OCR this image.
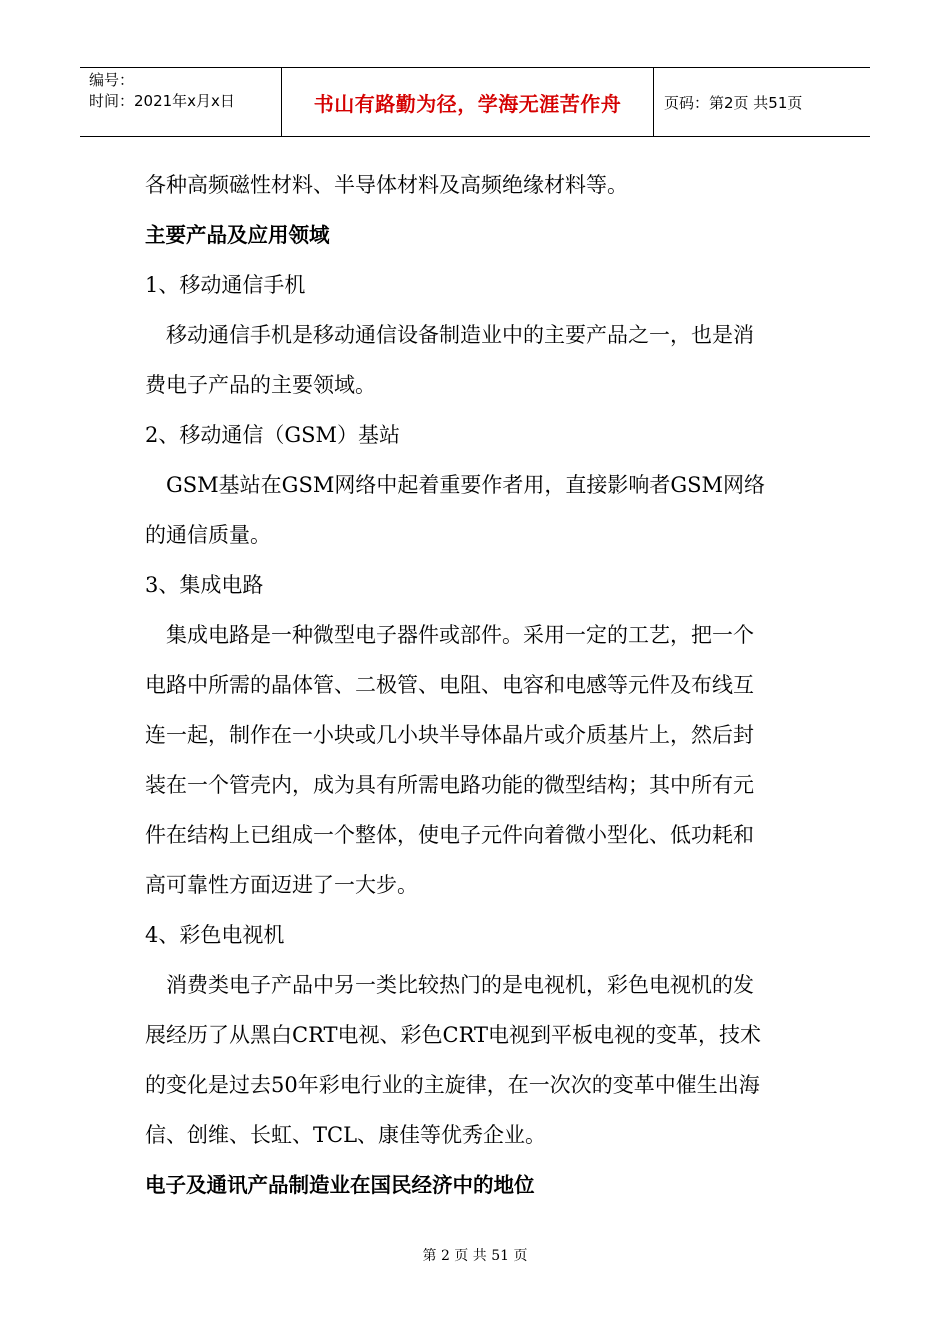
编号：
时间：2021年x月x日	书山有路勤为径，学海无涯苦作舟	页码：第2页 共51页

各种高频磁性材料、半导体材料及高频绝缘材料等。

主要产品及应用领域

1、移动通信手机

移动通信手机是移动通信设备制造业中的主要产品之一，也是消

费电子产品的主要领域。

2、移动通信（GSM）基站

GSM基站在GSM网络中起着重要作者用，直接影响者GSM网络

的通信质量。

3、集成电路

集成电路是一种微型电子器件或部件。采用一定的工艺，把一个

电路中所需的晶体管、二极管、电阻、电容和电感等元件及布线互

连一起，制作在一小块或几小块半导体晶片或介质基片上，然后封

装在一个管壳内，成为具有所需电路功能的微型结构；其中所有元

件在结构上已组成一个整体，使电子元件向着微小型化、低功耗和

高可靠性方面迈进了一大步。

4、彩色电视机

消费类电子产品中另一类比较热门的是电视机，彩色电视机的发

展经历了从黑白CRT电视、彩色CRT电视到平板电视的变革，技术

的变化是过去50年彩电行业的主旋律，在一次次的变革中催生出海

信、创维、长虹、TCL、康佳等优秀企业。

电子及通讯产品制造业在国民经济中的地位

第 2 页 共 51 页
